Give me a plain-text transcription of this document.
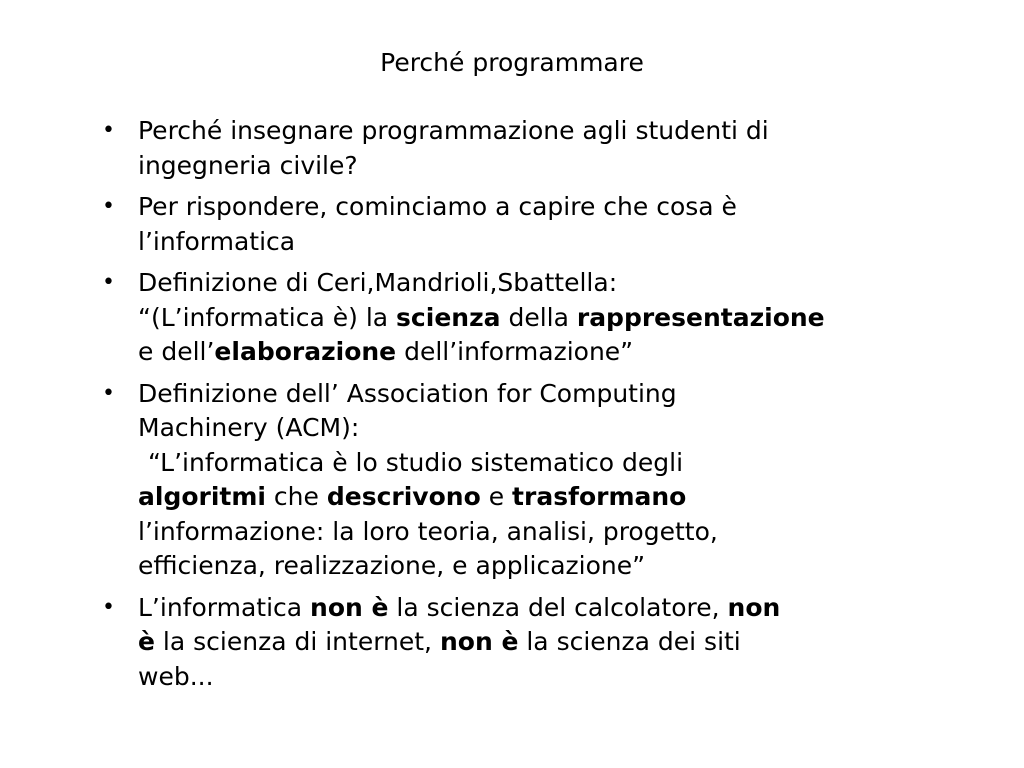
Perché programmare
• Perché insegnare programmazione agli studenti di
ingegneria civile?
• Per rispondere, cominciamo a capire che cosa è
l’informatica
• Definizione di Ceri,Mandrioli,Sbattella:
“(L’informatica è) la scienza della rappresentazione
e dell’elaborazione dell’informazione”
• Definizione dell’ Association for Computing
Machinery (ACM):
“L’informatica è lo studio sistematico degli
algoritmi che descrivono e trasformano
l’informazione: la loro teoria, analisi, progetto,
efficienza, realizzazione, e applicazione”
• L’informatica non è la scienza del calcolatore, non
è la scienza di internet, non è la scienza dei siti
web...
